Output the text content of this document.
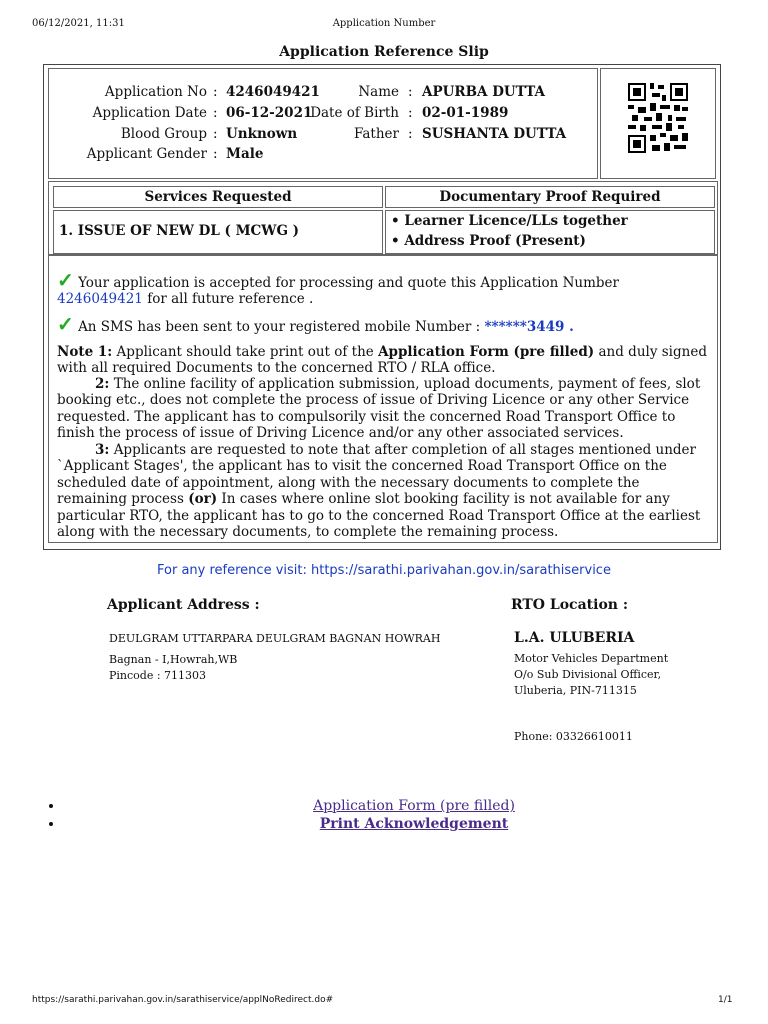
06/12/2021, 11:31	Application Number
Application Reference Slip
Application No : 4246049421
Application Date : 06-12-2021
Blood Group : Unknown
Applicant Gender : Male
Name : APURBA DUTTA
Date of Birth : 02-01-1989
Father : SUSHANTA DUTTA
Services Requested	Documentary Proof Required
1. ISSUE OF NEW DL ( MCWG )
• Learner Licence/LLs together
• Address Proof (Present)
✓ Your application is accepted for processing and quote this Application Number 4246049421 for all future reference .
✓ An SMS has been sent to your registered mobile Number : ******3449 .
Note 1: Applicant should take print out of the Application Form (pre filled) and duly signed with all required Documents to the concerned RTO / RLA office.
2: The online facility of application submission, upload documents, payment of fees, slot booking etc., does not complete the process of issue of Driving Licence or any other Service requested. The applicant has to compulsorily visit the concerned Road Transport Office to finish the process of issue of Driving Licence and/or any other associated services.
3: Applicants are requested to note that after completion of all stages mentioned under `Applicant Stages', the applicant has to visit the concerned Road Transport Office on the scheduled date of appointment, along with the necessary documents to complete the remaining process (or) In cases where online slot booking facility is not available for any particular RTO, the applicant has to go to the concerned Road Transport Office at the earliest along with the necessary documents, to complete the remaining process.
For any reference visit: https://sarathi.parivahan.gov.in/sarathiservice
Applicant Address :
DEULGRAM UTTARPARA DEULGRAM BAGNAN HOWRAH
Bagnan - I,Howrah,WB
Pincode : 711303
RTO Location :
L.A. ULUBERIA
Motor Vehicles Department
O/o Sub Divisional Officer,
Uluberia, PIN-711315
Phone: 03326610011
• Application Form (pre filled)
• Print Acknowledgement
https://sarathi.parivahan.gov.in/sarathiservice/applNoRedirect.do#	1/1
